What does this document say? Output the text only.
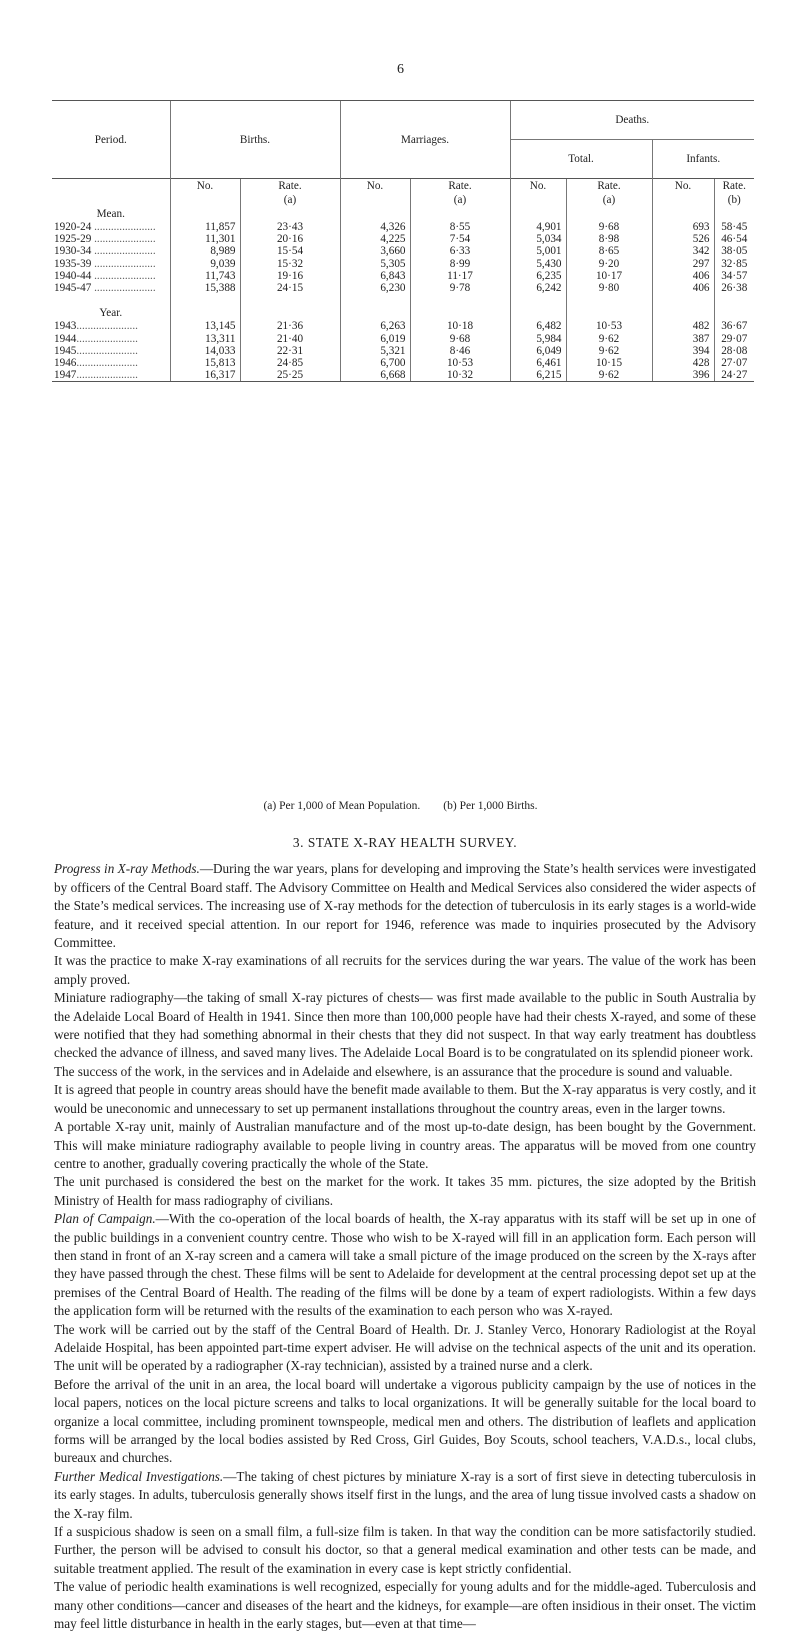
6
Period.	Births.		Marriages.		Deaths.			
					Total.		Infants.	
	No.	Rate.	No.	Rate.	No.	Rate.	No.	Rate.
		(a)		(a)		(a)		(b)
Mean.								
1920-24 ......................	11,857	23·43	4,326	8·55	4,901	9·68	693	58·45
1925-29 ......................	11,301	20·16	4,225	7·54	5,034	8·98	526	46·54
1930-34 ......................	8,989	15·54	3,660	6·33	5,001	8·65	342	38·05
1935-39 ......................	9,039	15·32	5,305	8·99	5,430	9·20	297	32·85
1940-44 ......................	11,743	19·16	6,843	11·17	6,235	10·17	406	34·57
1945-47 ......................	15,388	24·15	6,230	9·78	6,242	9·80	406	26·38

Year.								
1943......................	13,145	21·36	6,263	10·18	6,482	10·53	482	36·67
1944......................	13,311	21·40	6,019	9·68	5,984	9·62	387	29·07
1945......................	14,033	22·31	5,321	8·46	6,049	9·62	394	28·08
1946......................	15,813	24·85	6,700	10·53	6,461	10·15	428	27·07
1947......................	16,317	25·25	6,668	10·32	6,215	9·62	396	24·27
(a) Per 1,000 of Mean Population.        (b) Per 1,000 Births.
3. STATE X-RAY HEALTH SURVEY.

Progress in X-ray Methods.—During the war years, plans for developing and improving the State’s health services were investigated by officers of the Central Board staff. The Advisory Committee on Health and Medical Services also considered the wider aspects of the State’s medical services. The increasing use of X-ray methods for the detection of tuberculosis in its early stages is a world-wide feature, and it received special attention. In our report for 1946, reference was made to inquiries prosecuted by the Advisory Committee.

It was the practice to make X-ray examinations of all recruits for the services during the war years. The value of the work has been amply proved.

Miniature radiography—the taking of small X-ray pictures of chests— was first made available to the public in South Australia by the Adelaide Local Board of Health in 1941. Since then more than 100,000 people have had their chests X-rayed, and some of these were notified that they had something abnormal in their chests that they did not suspect. In that way early treatment has doubtless checked the advance of illness, and saved many lives. The Adelaide Local Board is to be congratulated on its splendid pioneer work.

The success of the work, in the services and in Adelaide and elsewhere, is an assurance that the procedure is sound and valuable.

It is agreed that people in country areas should have the benefit made available to them. But the X-ray apparatus is very costly, and it would be uneconomic and unnecessary to set up permanent installations throughout the country areas, even in the larger towns.

A portable X-ray unit, mainly of Australian manufacture and of the most up-to-date design, has been bought by the Government. This will make miniature radiography available to people living in country areas. The apparatus will be moved from one country centre to another, gradually covering practically the whole of the State.

The unit purchased is considered the best on the market for the work. It takes 35 mm. pictures, the size adopted by the British Ministry of Health for mass radiography of civilians.

Plan of Campaign.—With the co-operation of the local boards of health, the X-ray apparatus with its staff will be set up in one of the public buildings in a convenient country centre. Those who wish to be X-rayed will fill in an application form. Each person will then stand in front of an X-ray screen and a camera will take a small picture of the image produced on the screen by the X-rays after they have passed through the chest. These films will be sent to Adelaide for development at the central processing depot set up at the premises of the Central Board of Health. The reading of the films will be done by a team of expert radiologists. Within a few days the application form will be returned with the results of the examination to each person who was X-rayed.

The work will be carried out by the staff of the Central Board of Health. Dr. J. Stanley Verco, Honorary Radiologist at the Royal Adelaide Hospital, has been appointed part-time expert adviser. He will advise on the technical aspects of the unit and its operation. The unit will be operated by a radiographer (X-ray technician), assisted by a trained nurse and a clerk.

Before the arrival of the unit in an area, the local board will undertake a vigorous publicity campaign by the use of notices in the local papers, notices on the local picture screens and talks to local organizations. It will be generally suitable for the local board to organize a local committee, including prominent townspeople, medical men and others. The distribution of leaflets and application forms will be arranged by the local bodies assisted by Red Cross, Girl Guides, Boy Scouts, school teachers, V.A.D.s., local clubs, bureaux and churches.

Further Medical Investigations.—The taking of chest pictures by miniature X-ray is a sort of first sieve in detecting tuberculosis in its early stages. In adults, tuberculosis generally shows itself first in the lungs, and the area of lung tissue involved casts a shadow on the X-ray film.

If a suspicious shadow is seen on a small film, a full-size film is taken. In that way the condition can be more satisfactorily studied. Further, the person will be advised to consult his doctor, so that a general medical examination and other tests can be made, and suitable treatment applied. The result of the examination in every case is kept strictly confidential.

The value of periodic health examinations is well recognized, especially for young adults and for the middle-aged. Tuberculosis and many other conditions—cancer and diseases of the heart and the kidneys, for example—are often insidious in their onset. The victim may feel little disturbance in health in the early stages, but—even at that time—
